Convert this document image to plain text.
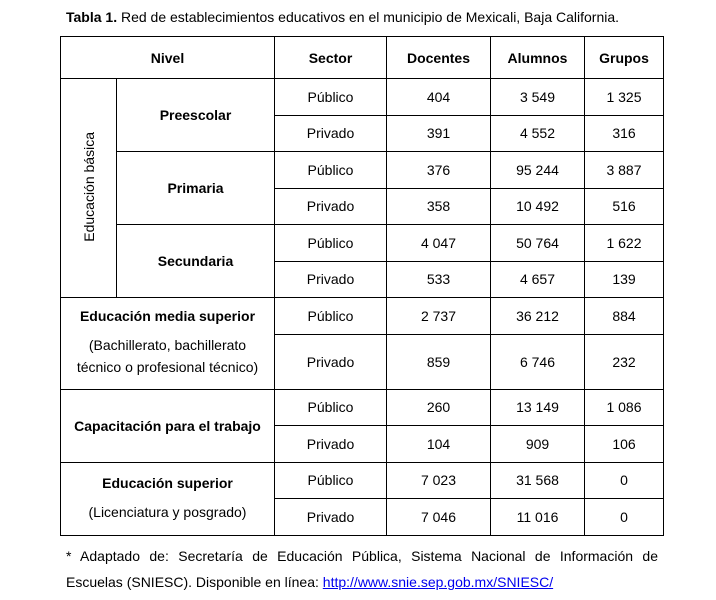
Tabla 1. Red de establecimientos educativos en el municipio de Mexicali, Baja California.
Nivel		Sector	Docentes	Alumnos	Grupos
Educación básica	Preescolar	Público	404	3 549	1 325
		Privado	391	4 552	316
	Primaria	Público	376	95 244	3 887
		Privado	358	10 492	516
	Secundaria	Público	4 047	50 764	1 622
		Privado	533	4 657	139

Educación media superior
(Bachillerato, bachillerato
técnico o profesional técnico)		Público	2 737	36 212	884
		Privado	859	6 746	232
Capacitación para el trabajo		Público	260	13 149	1 086
		Privado	104	909	106

Educación superior
(Licenciatura y posgrado)		Público	7 023	31 568	0
		Privado	7 046	11 016	0
* Adaptado de: Secretaría de Educación Pública, Sistema Nacional de Información de Escuelas (SNIESC). Disponible en línea: http://www.snie.sep.gob.mx/SNIESC/
